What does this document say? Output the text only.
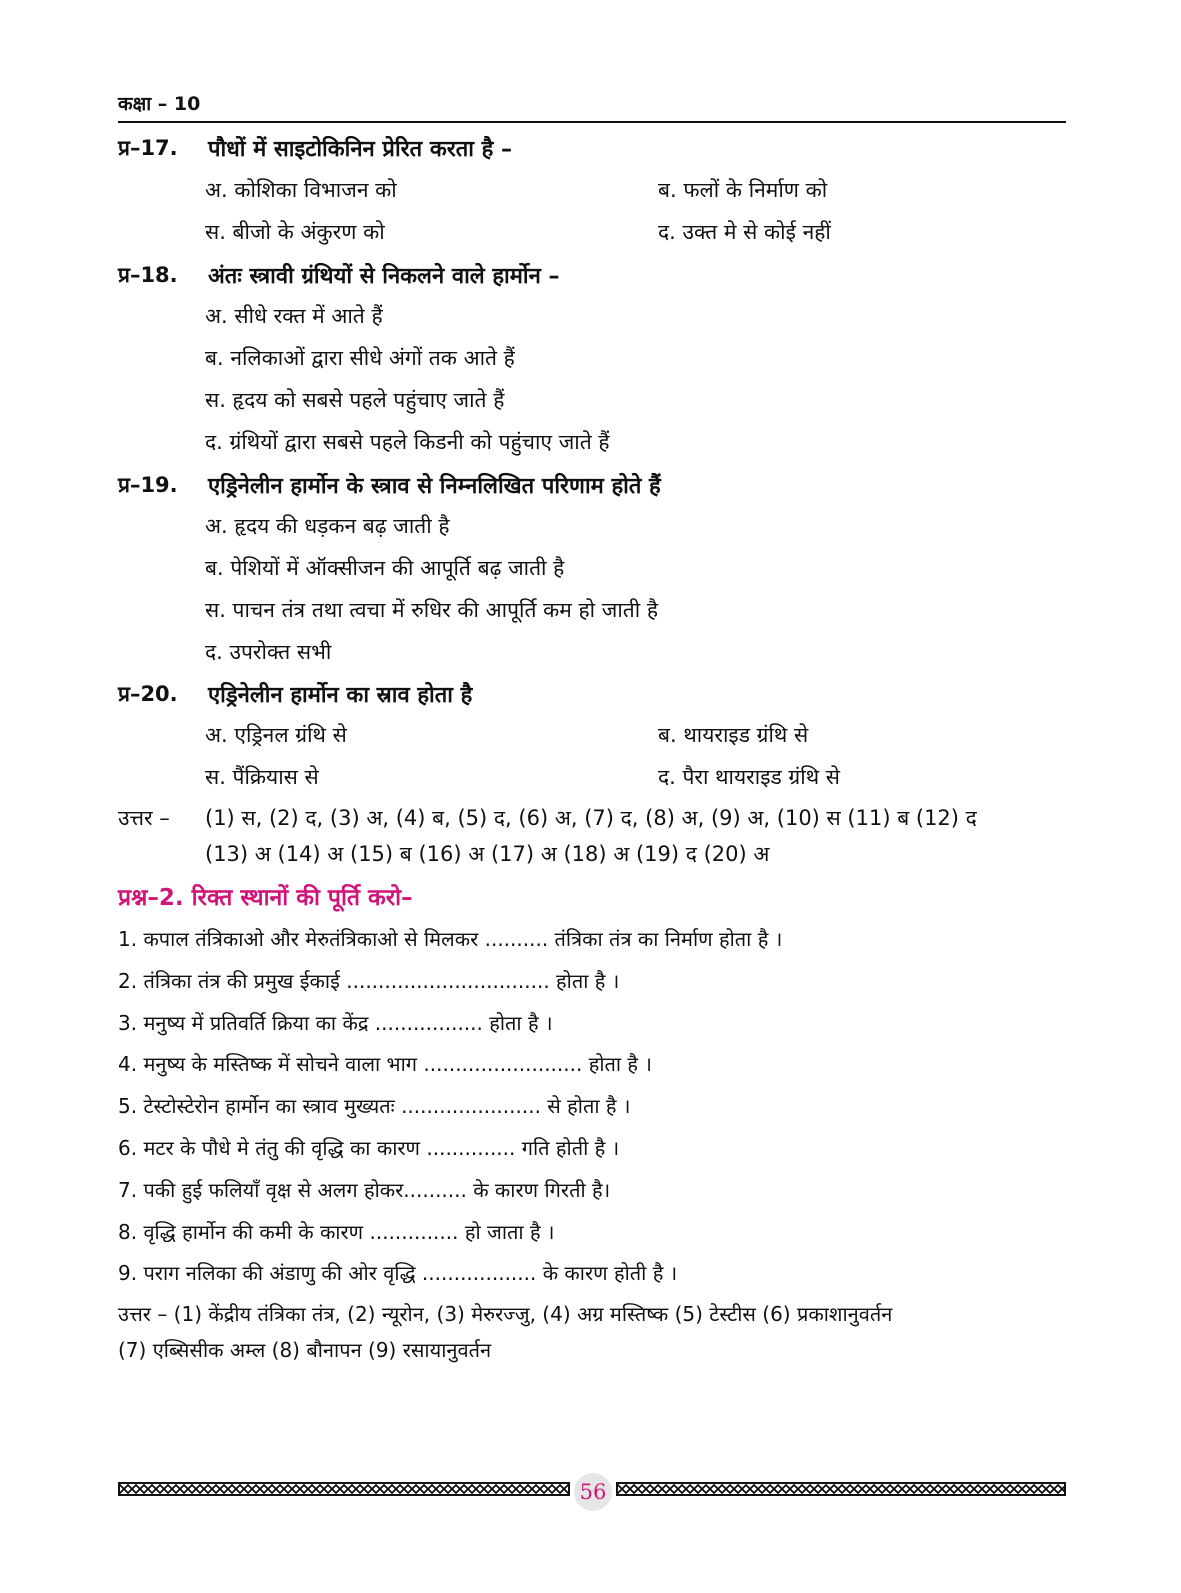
कक्षा – 10
प्र–17. पौधों में साइटोकिनिन प्रेरित करता है –
अ. कोशिका विभाजन को	ब. फलों के निर्माण को
स. बीजो के अंकुरण को	द. उक्त मे से कोई नहीं
प्र–18. अंतः स्त्रावी ग्रंथियों से निकलने वाले हार्मोन –
अ. सीधे रक्त में आते हैं
ब. नलिकाओं द्वारा सीधे अंगों तक आते हैं
स. हृदय को सबसे पहले पहुंचाए जाते हैं
द. ग्रंथियों द्वारा सबसे पहले किडनी को पहुंचाए जाते हैं
प्र–19. एड्रिनेलीन हार्मोन के स्त्राव से निम्नलिखित परिणाम होते हैं
अ. हृदय की धड़कन बढ़ जाती है
ब. पेशियों में ऑक्सीजन की आपूर्ति बढ़ जाती है
स. पाचन तंत्र तथा त्वचा में रुधिर की आपूर्ति कम हो जाती है
द. उपरोक्त सभी
प्र–20. एड्रिनेलीन हार्मोन का स्राव होता है
अ. एड्रिनल ग्रंथि से	ब. थायराइड ग्रंथि से
स. पैंक्रियास से	द. पैरा थायराइड ग्रंथि से
उत्तर – (1) स, (2) द, (3) अ, (4) ब, (5) द, (6) अ, (7) द, (8) अ, (9) अ, (10) स (11) ब (12) द
(13) अ (14) अ (15) ब (16) अ (17) अ (18) अ (19) द (20) अ
प्रश्न–2. रिक्त स्थानों की पूर्ति करो–
1. कपाल तंत्रिकाओ और मेरुतंत्रिकाओ से मिलकर .......... तंत्रिका तंत्र का निर्माण होता है ।
2. तंत्रिका तंत्र की प्रमुख ईकाई ................................ होता है ।
3. मनुष्य में प्रतिवर्ति क्रिया का केंद्र ................. होता है ।
4. मनुष्य के मस्तिष्क में सोचने वाला भाग ......................... होता है ।
5. टेस्टोस्टेरोन हार्मोन का स्त्राव मुख्यतः ...................... से होता है ।
6. मटर के पौधे मे तंतु की वृद्धि का कारण .............. गति होती है ।
7. पकी हुई फलियाँ वृक्ष से अलग होकर.......... के कारण गिरती है।
8. वृद्धि हार्मोन की कमी के कारण .............. हो जाता है ।
9. पराग नलिका की अंडाणु की ओर वृद्धि .................. के कारण होती है ।
उत्तर – (1) केंद्रीय तंत्रिका तंत्र, (2) न्यूरोन, (3) मेरुरज्जु, (4) अग्र मस्तिष्क (5) टेस्टीस (6) प्रकाशानुवर्तन
(7) एब्सिसीक अम्ल (8) बौनापन (9) रसायानुवर्तन
56
